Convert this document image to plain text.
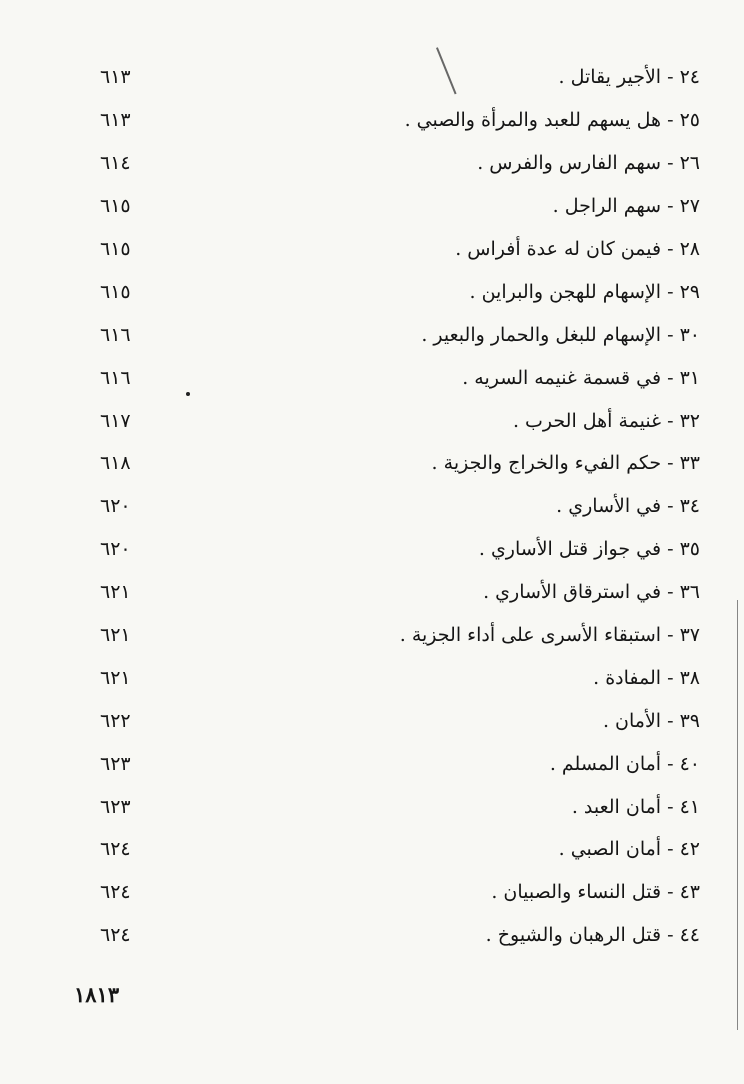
٢٤ - الأجير يقاتل .
٦١٣
٢٥ - هل يسهم للعبد والمرأة والصبي .
٦١٣
٢٦ - سهم الفارس والفرس .
٦١٤
٢٧ - سهم الراجل .
٦١٥
٢٨ - فيمن كان له عدة أفراس .
٦١٥
٢٩ - الإسهام للهجن والبراين .
٦١٥
٣٠ - الإسهام للبغل والحمار والبعير .
٦١٦
٣١ - في قسمة غنيمه السريه .
٦١٦
٣٢ - غنيمة أهل الحرب .
٦١٧
٣٣ - حكم الفيء والخراج والجزية .
٦١٨
٣٤ - في الأساري .
٦٢٠
٣٥ - في جواز قتل الأساري .
٦٢٠
٣٦ - في استرقاق الأساري .
٦٢١
٣٧ - استبقاء الأسرى على أداء الجزية .
٦٢١
٣٨ - المفادة .
٦٢١
٣٩ - الأمان .
٦٢٢
٤٠ - أمان المسلم .
٦٢٣
٤١ - أمان العبد .
٦٢٣
٤٢ - أمان الصبي .
٦٢٤
٤٣ - قتل النساء والصبيان .
٦٢٤
٤٤ - قتل الرهبان والشيوخ .
٦٢٤
١٨١٣
